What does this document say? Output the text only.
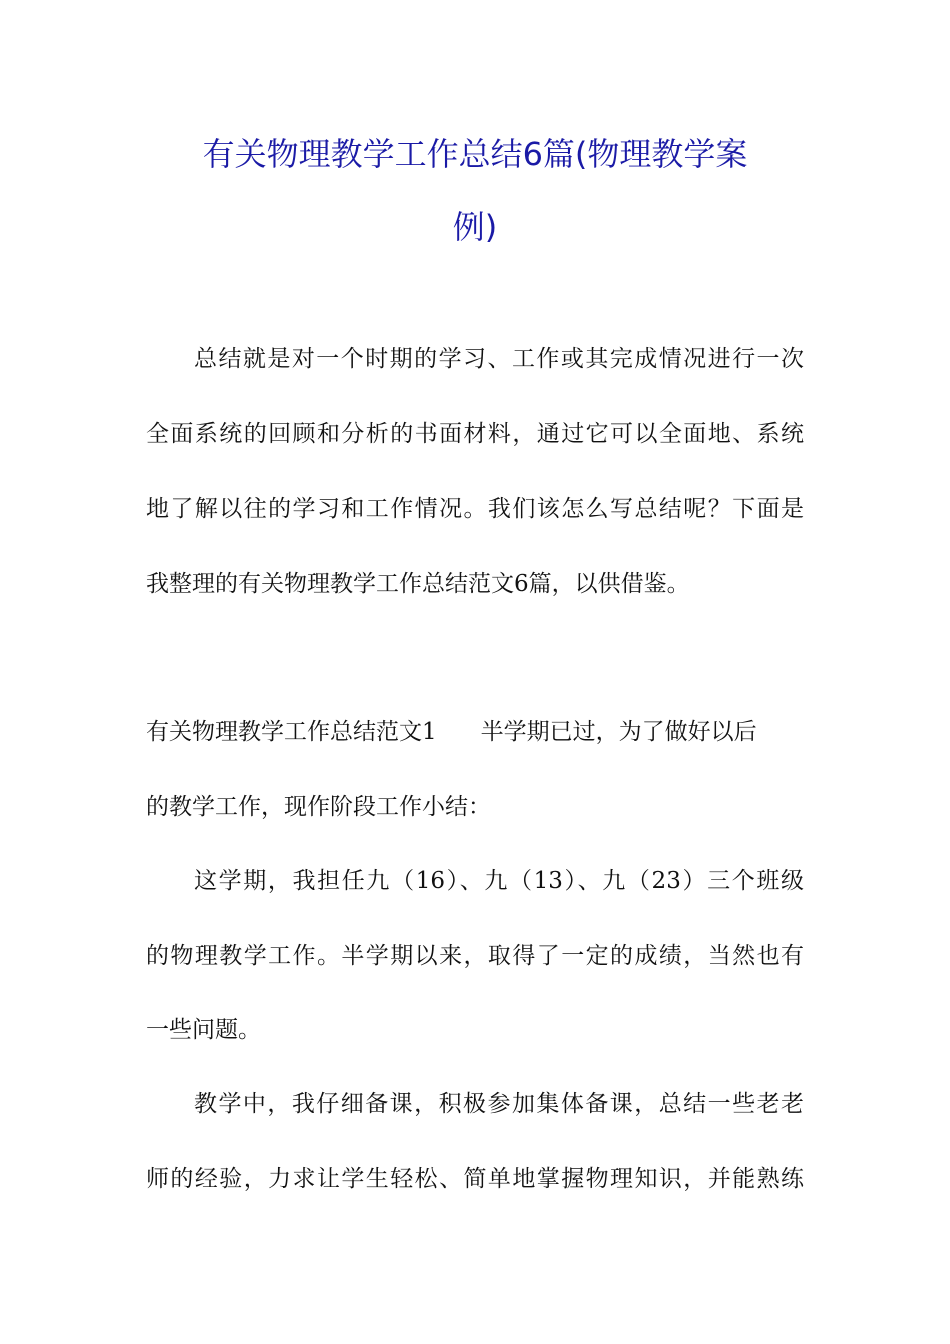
有关物理教学工作总结6篇(物理教学案
例)
总结就是对一个时期的学习、工作或其完成情况进行一次
全面系统的回顾和分析的书面材料，通过它可以全面地、系统
地了解以往的学习和工作情况。我们该怎么写总结呢？下面是
我整理的有关物理教学工作总结范文6篇，以供借鉴。
有关物理教学工作总结范文1 半学期已过，为了做好以后
的教学工作，现作阶段工作小结：
这学期，我担任九（16）、九（13）、九（23）三个班级
的物理教学工作。半学期以来，取得了一定的成绩，当然也有
一些问题。
教学中，我仔细备课，积极参加集体备课，总结一些老老
师的经验，力求让学生轻松、简单地掌握物理知识，并能熟练
